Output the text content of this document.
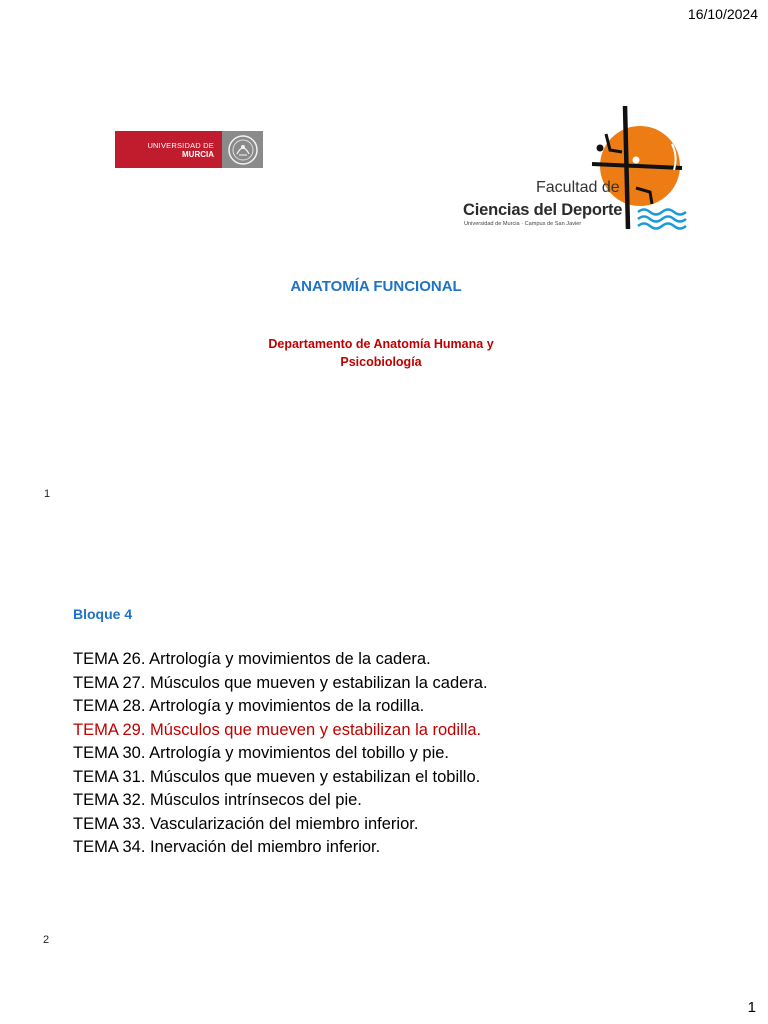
16/10/2024
UNIVERSIDAD DE
MURCIA
Facultad de
Ciencias del Deporte
Universidad de Murcia · Campus de San Javier
ANATOMÍA FUNCIONAL
Departamento de Anatomía Humana y
Psicobiología
1
Bloque 4
TEMA 26. Artrología y movimientos de la cadera.
TEMA 27. Músculos que mueven y estabilizan la cadera.
TEMA 28. Artrología y movimientos de la rodilla.
TEMA 29. Músculos que mueven y estabilizan la rodilla.
TEMA 30. Artrología y movimientos del tobillo y pie.
TEMA 31. Músculos que mueven y estabilizan el tobillo.
TEMA 32. Músculos intrínsecos del pie.
TEMA 33. Vascularización del miembro inferior.
TEMA 34. Inervación del miembro inferior.
2
1
